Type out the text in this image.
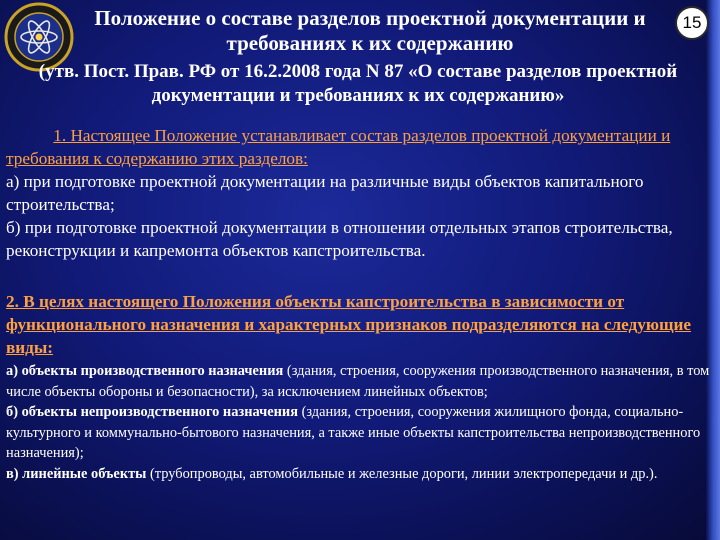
Положение о составе разделов проектной документации и требованиях к их содержанию
15
(утв. Пост. Прав. РФ от 16.2.2008 года N 87 «О составе разделов проектной документации и требованиях к их содержанию»

1. Настоящее Положение устанавливает состав разделов проектной документации и требования к содержанию этих разделов:

а) при подготовке проектной документации на различные виды объектов капитального строительства;

б) при подготовке проектной документации в отношении отдельных этапов строительства, реконструкции и капремонта объектов капстроительства.

2. В целях настоящего Положения объекты капстроительства в зависимости от функционального назначения и характерных признаков подразделяются на следующие виды:

а) объекты производственного назначения (здания, строения, сооружения производственного назначения, в том числе объекты обороны и безопасности), за исключением линейных объектов;

б) объекты непроизводственного назначения (здания, строения, сооружения жилищного фонда, социально-культурного и коммунально-бытового назначения, а также иные объекты капстроительства непроизводственного назначения);

в) линейные объекты (трубопроводы, автомобильные и железные дороги, линии электропередачи и др.).
